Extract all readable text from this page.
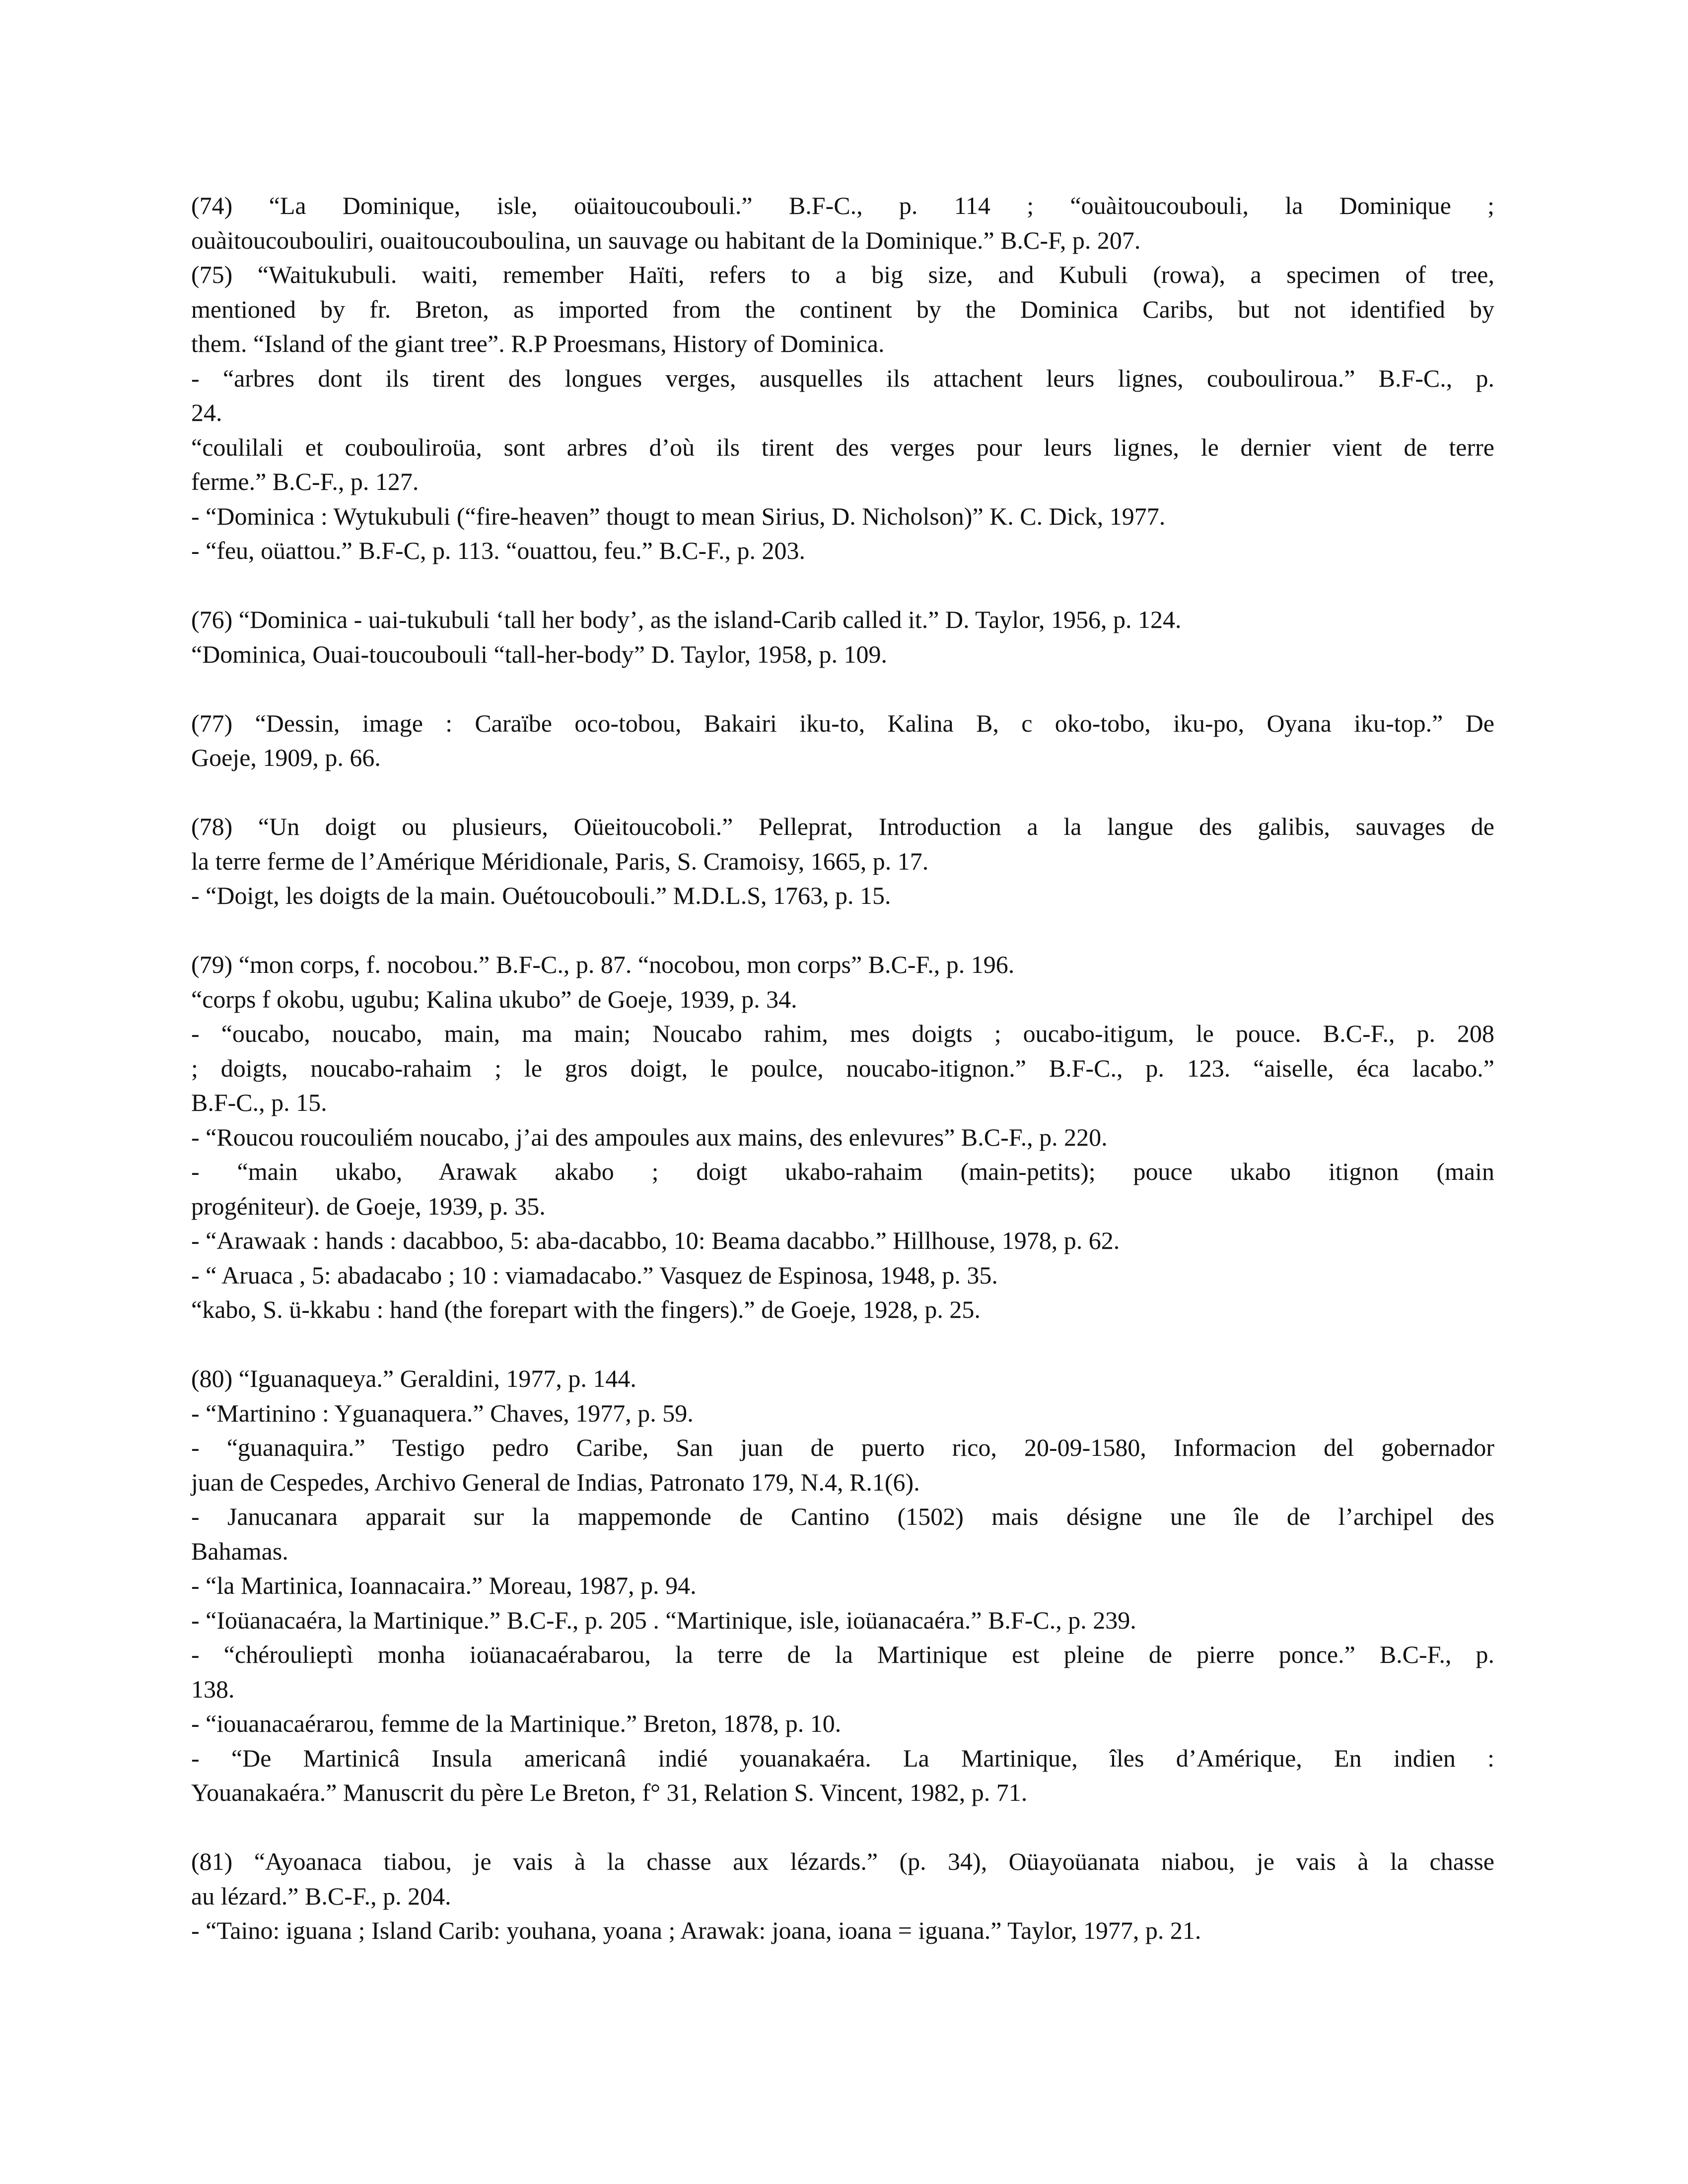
(74) “La Dominique, isle, oüaitoucoubouli.” B.F-C., p. 114 ; “ouàitoucoubouli, la Dominique ;
ouàitoucoubouliri, ouaitoucouboulina, un sauvage ou habitant de la Dominique.” B.C-F, p. 207.
(75) “Waitukubuli. waiti, remember Haïti, refers to a big size, and Kubuli (rowa), a specimen of tree,
mentioned by fr. Breton, as imported from the continent by the Dominica Caribs, but not identified by
them. “Island of the giant tree”. R.P Proesmans, History of Dominica.
- “arbres dont ils tirent des longues verges, ausquelles ils attachent leurs lignes, coubouliroua.” B.F-C., p.
24.
“coulilali et coubouliroüa, sont arbres d’où ils tirent des verges pour leurs lignes, le dernier vient de terre
ferme.” B.C-F., p. 127.
- “Dominica : Wytukubuli (“fire-heaven” thougt to mean Sirius, D. Nicholson)” K. C. Dick, 1977.
- “feu, oüattou.” B.F-C, p. 113. “ouattou, feu.” B.C-F., p. 203.
(76) “Dominica - uai-tukubuli ‘tall her body’, as the island-Carib called it.” D. Taylor, 1956, p. 124.
“Dominica, Ouai-toucoubouli “tall-her-body” D. Taylor, 1958, p. 109.
(77) “Dessin, image : Caraïbe oco-tobou, Bakairi iku-to, Kalina B, c oko-tobo, iku-po, Oyana iku-top.” De
Goeje, 1909, p. 66.
(78) “Un doigt ou plusieurs, Oüeitoucoboli.” Pelleprat, Introduction a la langue des galibis, sauvages de
la terre ferme de l’Amérique Méridionale, Paris, S. Cramoisy, 1665, p. 17.
- “Doigt, les doigts de la main. Ouétoucobouli.” M.D.L.S, 1763, p. 15.
(79) “mon corps, f. nocobou.” B.F-C., p. 87. “nocobou, mon corps” B.C-F., p. 196.
“corps f okobu, ugubu; Kalina ukubo” de Goeje, 1939, p. 34.
- “oucabo, noucabo, main, ma main; Noucabo rahim, mes doigts ; oucabo-itigum, le pouce. B.C-F., p. 208
; doigts, noucabo-rahaim ; le gros doigt, le poulce, noucabo-itignon.” B.F-C., p. 123. “aiselle, éca lacabo.”
B.F-C., p. 15.
- “Roucou roucouliém noucabo, j’ai des ampoules aux mains, des enlevures” B.C-F., p. 220.
- “main ukabo, Arawak akabo ; doigt ukabo-rahaim (main-petits); pouce ukabo itignon (main
progéniteur). de Goeje, 1939, p. 35.
- “Arawaak : hands : dacabboo, 5: aba-dacabbo, 10: Beama dacabbo.” Hillhouse, 1978, p. 62.
- “ Aruaca , 5: abadacabo ; 10 : viamadacabo.” Vasquez de Espinosa, 1948, p. 35.
“kabo, S. ü-kkabu : hand (the forepart with the fingers).” de Goeje, 1928, p. 25.
(80) “Iguanaqueya.” Geraldini, 1977, p. 144.
- “Martinino : Yguanaquera.” Chaves, 1977, p. 59.
- “guanaquira.” Testigo pedro Caribe, San juan de puerto rico, 20-09-1580, Informacion del gobernador
juan de Cespedes, Archivo General de Indias, Patronato 179, N.4, R.1(6).
- Janucanara apparait sur la mappemonde de Cantino (1502) mais désigne une île de l’archipel des
Bahamas.
- “la Martinica, Ioannacaira.” Moreau, 1987, p. 94.
- “Ioüanacaéra, la Martinique.” B.C-F., p. 205 . “Martinique, isle, ioüanacaéra.” B.F-C., p. 239.
- “chéroulieptì monha ioüanacaérabarou, la terre de la Martinique est pleine de pierre ponce.” B.C-F., p.
138.
- “iouanacaérarou, femme de la Martinique.” Breton, 1878, p. 10.
- “De Martinicâ Insula americanâ indié youanakaéra. La Martinique, îles d’Amérique, En indien :
Youanakaéra.” Manuscrit du père Le Breton, f° 31, Relation S. Vincent, 1982, p. 71.
(81) “Ayoanaca tiabou, je vais à la chasse aux lézards.” (p. 34), Oüayoüanata niabou, je vais à la chasse
au lézard.” B.C-F., p. 204.
- “Taino: iguana ; Island Carib: youhana, yoana ; Arawak: joana, ioana = iguana.” Taylor, 1977, p. 21.
